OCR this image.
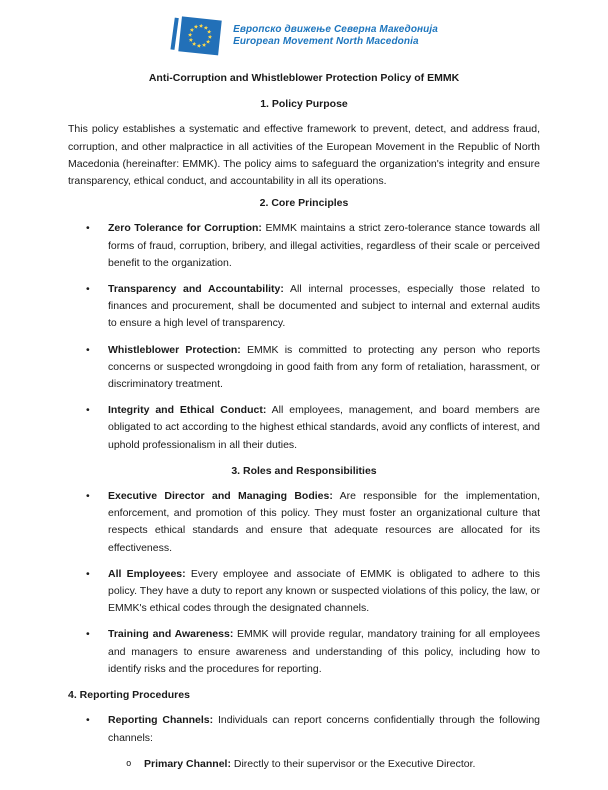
Европско движење Северна Македонија
European Movement North Macedonia
Anti-Corruption and Whistleblower Protection Policy of EMMK
1. Policy Purpose

This policy establishes a systematic and effective framework to prevent, detect, and address fraud, corruption, and other malpractice in all activities of the European Movement in the Republic of North Macedonia (hereinafter: EMMK). The policy aims to safeguard the organization's integrity and ensure transparency, ethical conduct, and accountability in all its operations.

2. Core Principles
•	Zero Tolerance for Corruption: EMMK maintains a strict zero-tolerance stance towards all forms of fraud, corruption, bribery, and illegal activities, regardless of their scale or perceived benefit to the organization.
•	Transparency and Accountability: All internal processes, especially those related to finances and procurement, shall be documented and subject to internal and external audits to ensure a high level of transparency.
•	Whistleblower Protection: EMMK is committed to protecting any person who reports concerns or suspected wrongdoing in good faith from any form of retaliation, harassment, or discriminatory treatment.
•	Integrity and Ethical Conduct: All employees, management, and board members are obligated to act according to the highest ethical standards, avoid any conflicts of interest, and uphold professionalism in all their duties.
3. Roles and Responsibilities
•	Executive Director and Managing Bodies: Are responsible for the implementation, enforcement, and promotion of this policy. They must foster an organizational culture that respects ethical standards and ensure that adequate resources are allocated for its effectiveness.
•	All Employees: Every employee and associate of EMMK is obligated to adhere to this policy. They have a duty to report any known or suspected violations of this policy, the law, or EMMK's ethical codes through the designated channels.
•	Training and Awareness: EMMK will provide regular, mandatory training for all employees and managers to ensure awareness and understanding of this policy, including how to identify risks and the procedures for reporting.
4. Reporting Procedures
•	Reporting Channels: Individuals can report concerns confidentially through the following channels:
o	Primary Channel: Directly to their supervisor or the Executive Director.
